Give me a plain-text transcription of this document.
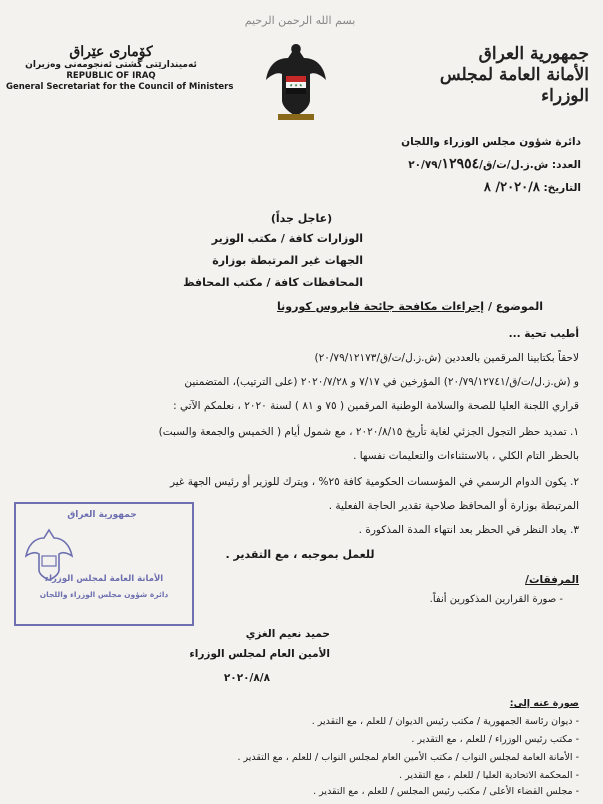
بسم الله الرحمن الرحيم
جمهورية العراق
الأمانة العامة لمجلس الوزراء
★ ★ ★
كۆماری عێراق
ئەمیندارێتی گشتی ئەنجومەنی وەزیران
REPUBLIC OF IRAQ
General Secretariat for the Council of Ministers
دائرة شؤون مجلس الوزراء واللجان
العدد: ش.ز.ل/ت/ق/٢٠/٧٩/١٢٩٥٤
التاريخ: ٢٠٢٠/٨/ ٨
(عاجل جداً)
الوزارات كافة / مكتب الوزير
الجهات غير المرتبطة بوزارة
المحافظات كافة / مكتب المحافظ
الموضوع / إجراءات مكافحة جائحة فايروس كورونا
أطيب تحية ...
لاحقاً بكتابينا المرقمين بالعددين (ش.ز.ل/ت/ق/٢٠/٧٩/١٢١٧٣)
و (ش.ز.ل/ت/ق/٢٠/٧٩/١٢٧٤١) المؤرخين في ٧/١٧ و ٢٠٢٠/٧/٢٨ (على الترتيب)، المتضمنين
قراري اللجنة العليا للصحة والسلامة الوطنية المرقمين ( ٧٥ و ٨١ ) لسنة ٢٠٢٠ ، نعلمكم الآتي :
١. تمديد حظر التجول الجزئي لغاية تأريخ ٢٠٢٠/٨/١٥ ، مع شمول أيام ( الخميس والجمعة والسبت)
بالحظر التام الكلي ، بالاستثناءات والتعليمات نفسها .
٢. يكون الدوام الرسمي في المؤسسات الحكومية كافة ٢٥% ، ويترك للوزير أو رئيس الجهة غير
المرتبطة بوزارة أو المحافظ صلاحية تقدير الحاجة الفعلية .
٣. يعاد النظر في الحظر بعد انتهاء المدة المذكورة .
للعمل بموجبه ، مع التقدير .
المرفقات/
- صورة القرارين المذكورين أنفاً.
جمهورية العراق
الأمانة العامة لمجلس الوزراء
دائرة شؤون مجلس الوزراء واللجان
حميد نعيم الغزي
الأمين العام لمجلس الوزراء
٢٠٢٠/٨/٨
صورة عنه إلى:
- ديوان رئاسة الجمهورية / مكتب رئيس الديوان / للعلم ، مع التقدير .
- مكتب رئيس الوزراء / للعلم ، مع التقدير .
- الأمانة العامة لمجلس النواب / مكتب الأمين العام لمجلس النواب / للعلم ، مع التقدير .
- المحكمة الاتحادية العليا / للعلم ، مع التقدير .
- مجلس القضاء الأعلى / مكتب رئيس المجلس / للعلم ، مع التقدير .
